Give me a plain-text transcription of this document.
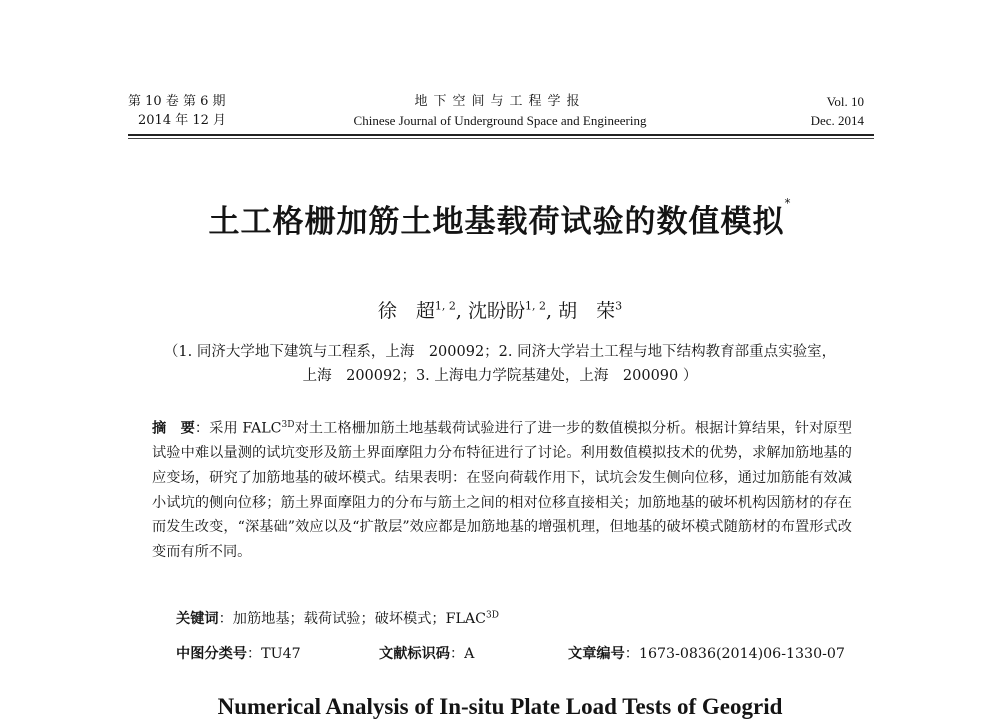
第 10 卷 第 6 期
2014 年 12 月
地下空间与工程学报
Chinese Journal of Underground Space and Engineering
Vol. 10
Dec. 2014
土工格栅加筋土地基载荷试验的数值模拟*
徐　超$^{1, 2}$, 沈盼盼$^{1, 2}$, 胡　荣$^3$
（1. 同济大学地下建筑与工程系，上海　200092；2. 同济大学岩土工程与地下结构教育部重点实验室，
上海　200092；3. 上海电力学院基建处，上海　200090 ）

摘　要：采用 $FALC^{3D}$对土工格栅加筋土地基载荷试验进行了进一步的数值模拟分析。根据计算结果，针对原型试验中难以量测的试坑变形及筋土界面摩阻力分布特征进行了讨论。利用数值模拟技术的优势，求解加筋地基的应变场，研究了加筋地基的破坏模式。结果表明：在竖向荷载作用下，试坑会发生侧向位移，通过加筋能有效减小试坑的侧向位移；筋土界面摩阻力的分布与筋土之间的相对位移直接相关；加筋地基的破坏机构因筋材的存在而发生改变，“深基础”效应以及“扩散层”效应都是加筋地基的增强机理，但地基的破坏模式随筋材的布置形式改变而有所不同。

关键词：加筋地基；载荷试验；破坏模式；$FLAC^{3D}$
中图分类号：TU47	文献标识码：A	文章编号：1673-0836(2014)06-1330-07
Numerical Analysis of In-situ Plate Load Tests of Geogrid
